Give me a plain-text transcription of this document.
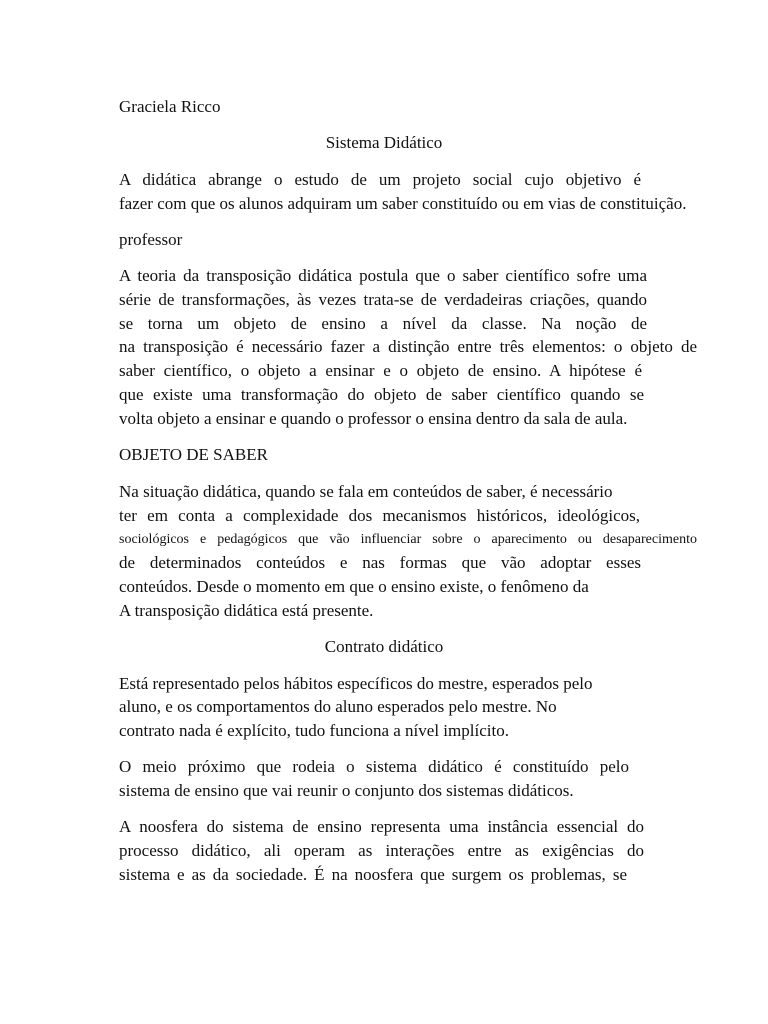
Graciela Ricco

Sistema Didático

A didática abrange o estudo de um projeto social cujo objetivo é

fazer com que os alunos adquiram um saber constituído ou em vias de constituição.

professor

A teoria da transposição didática postula que o saber científico sofre uma

série de transformações, às vezes trata-se de verdadeiras criações, quando

se torna um objeto de ensino a nível da classe. Na noção de

na transposição é necessário fazer a distinção entre três elementos: o objeto de

saber científico, o objeto a ensinar e o objeto de ensino. A hipótese é

que existe uma transformação do objeto de saber científico quando se

volta objeto a ensinar e quando o professor o ensina dentro da sala de aula.

OBJETO DE SABER

Na situação didática, quando se fala em conteúdos de saber, é necessário

ter em conta a complexidade dos mecanismos históricos, ideológicos,

sociológicos e pedagógicos que vão influenciar sobre o aparecimento ou desaparecimento

de determinados conteúdos e nas formas que vão adoptar esses

conteúdos. Desde o momento em que o ensino existe, o fenômeno da

A transposição didática está presente.

Contrato didático

Está representado pelos hábitos específicos do mestre, esperados pelo

aluno, e os comportamentos do aluno esperados pelo mestre. No

contrato nada é explícito, tudo funciona a nível implícito.

O meio próximo que rodeia o sistema didático é constituído pelo

sistema de ensino que vai reunir o conjunto dos sistemas didáticos.

A noosfera do sistema de ensino representa uma instância essencial do

processo didático, ali operam as interações entre as exigências do

sistema e as da sociedade. É na noosfera que surgem os problemas, se
